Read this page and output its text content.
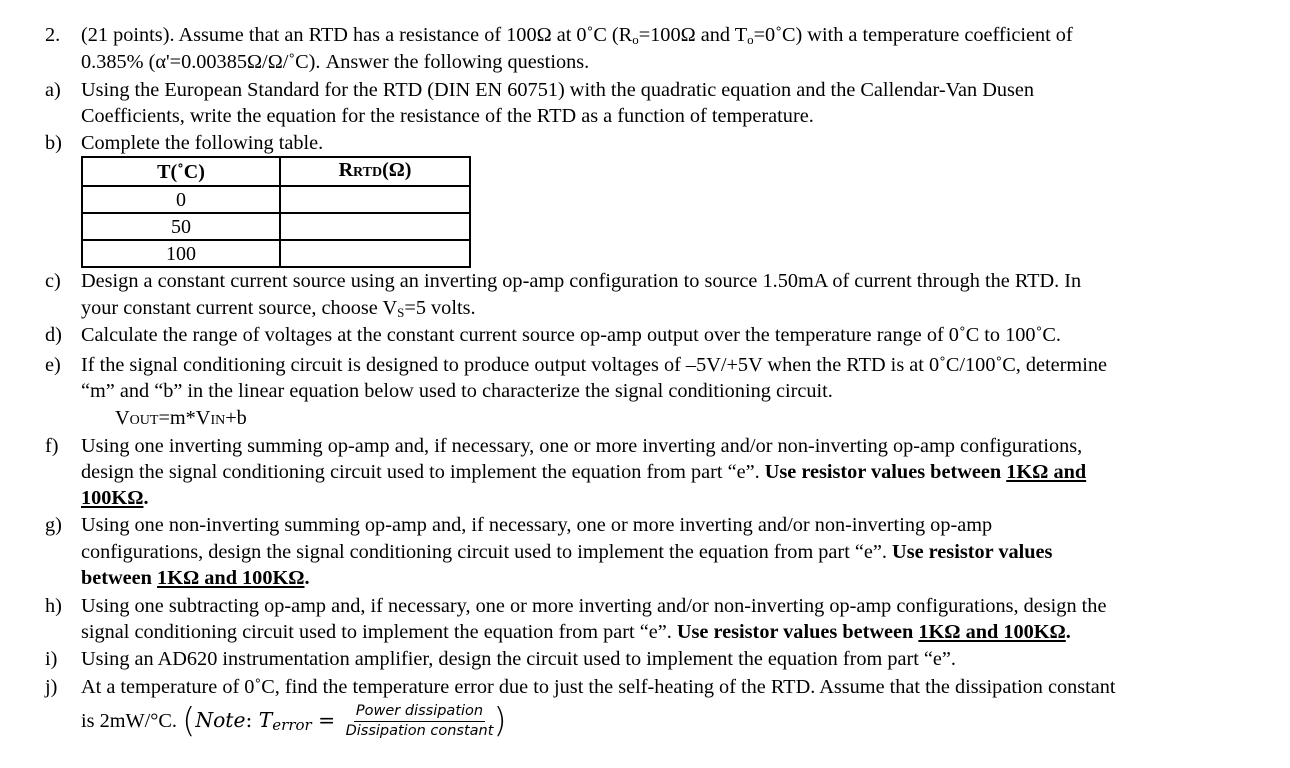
2. (21 points). Assume that an RTD has a resistance of 100Ω at 0˚C ($R_o=100\Omega$ and $T_o=0˚C$) with a temperature coefficient of
0.385% (α'=0.00385Ω/Ω/˚C). Answer the following questions.
a) Using the European Standard for the RTD (DIN EN 60751) with the quadratic equation and the Callendar-Van Dusen
Coefficients, write the equation for the resistance of the RTD as a function of temperature.
b) Complete the following table.
T(˚C)	RRTD(Ω)
0	
50	
100	
c) Design a constant current source using an inverting op-amp configuration to source 1.50mA of current through the RTD. In
your constant current source, choose $V_S=5$ volts.
d) Calculate the range of voltages at the constant current source op-amp output over the temperature range of 0˚C to 100˚C.
e) If the signal conditioning circuit is designed to produce output voltages of –5V/+5V when the RTD is at 0˚C/100˚C, determine
“m” and “b” in the linear equation below used to characterize the signal conditioning circuit.
VOUT=m*VIN+b
f) Using one inverting summing op-amp and, if necessary, one or more inverting and/or non-inverting op-amp configurations,
design the signal conditioning circuit used to implement the equation from part “e”. Use resistor values between 1KΩ and
100KΩ.
g) Using one non-inverting summing op-amp and, if necessary, one or more inverting and/or non-inverting op-amp
configurations, design the signal conditioning circuit used to implement the equation from part “e”. Use resistor values
between 1KΩ and 100KΩ.
h) Using one subtracting op-amp and, if necessary, one or more inverting and/or non-inverting op-amp configurations, design the
signal conditioning circuit used to implement the equation from part “e”. Use resistor values between 1KΩ and 100KΩ.
i) Using an AD620 instrumentation amplifier, design the circuit used to implement the equation from part “e”.
j) At a temperature of 0˚C, find the temperature error due to just the self-heating of the RTD. Assume that the dissipation constant
is 2mW/°C. (Note: $T_{error} = \frac{\text{Power dissipation}}{\text{Dissipation constant}}$ )
